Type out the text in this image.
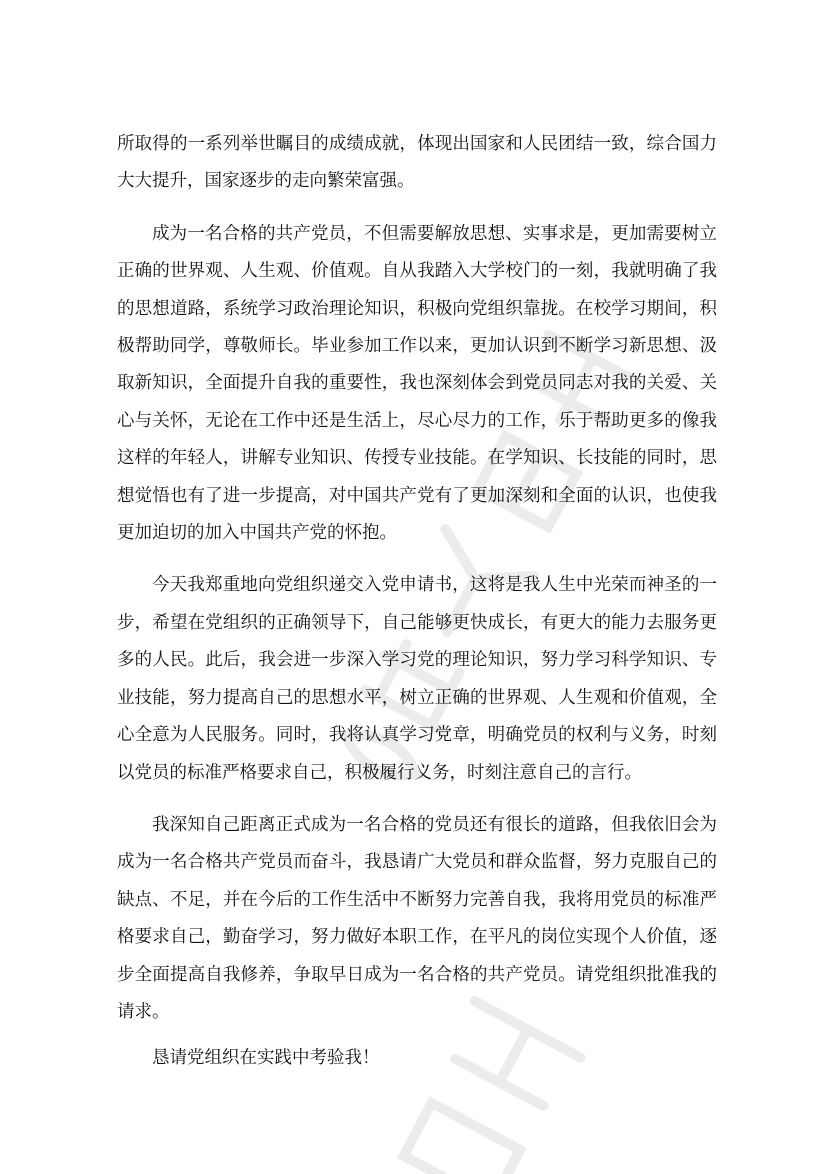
所取得的一系列举世瞩目的成绩成就，体现出国家和人民团结一致，综合国力大大提升，国家逐步的走向繁荣富强。

成为一名合格的共产党员，不但需要解放思想、实事求是，更加需要树立正确的世界观、人生观、价值观。自从我踏入大学校门的一刻，我就明确了我的思想道路，系统学习政治理论知识，积极向党组织靠拢。在校学习期间，积极帮助同学，尊敬师长。毕业参加工作以来，更加认识到不断学习新思想、汲取新知识，全面提升自我的重要性，我也深刻体会到党员同志对我的关爱、关心与关怀，无论在工作中还是生活上，尽心尽力的工作，乐于帮助更多的像我这样的年轻人，讲解专业知识、传授专业技能。在学知识、长技能的同时，思想觉悟也有了进一步提高，对中国共产党有了更加深刻和全面的认识，也使我更加迫切的加入中国共产党的怀抱。

今天我郑重地向党组织递交入党申请书，这将是我人生中光荣而神圣的一步，希望在党组织的正确领导下，自己能够更快成长，有更大的能力去服务更多的人民。此后，我会进一步深入学习党的理论知识，努力学习科学知识、专业技能，努力提高自己的思想水平，树立正确的世界观、人生观和价值观，全心全意为人民服务。同时，我将认真学习党章，明确党员的权利与义务，时刻以党员的标准严格要求自己，积极履行义务，时刻注意自己的言行。

我深知自己距离正式成为一名合格的党员还有很长的道路，但我依旧会为成为一名合格共产党员而奋斗，我恳请广大党员和群众监督，努力克服自己的缺点、不足，并在今后的工作生活中不断努力完善自我，我将用党员的标准严格要求自己，勤奋学习，努力做好本职工作，在平凡的岗位实现个人价值，逐步全面提高自我修养，争取早日成为一名合格的共产党员。请党组织批准我的请求。

恳请党组织在实践中考验我！
